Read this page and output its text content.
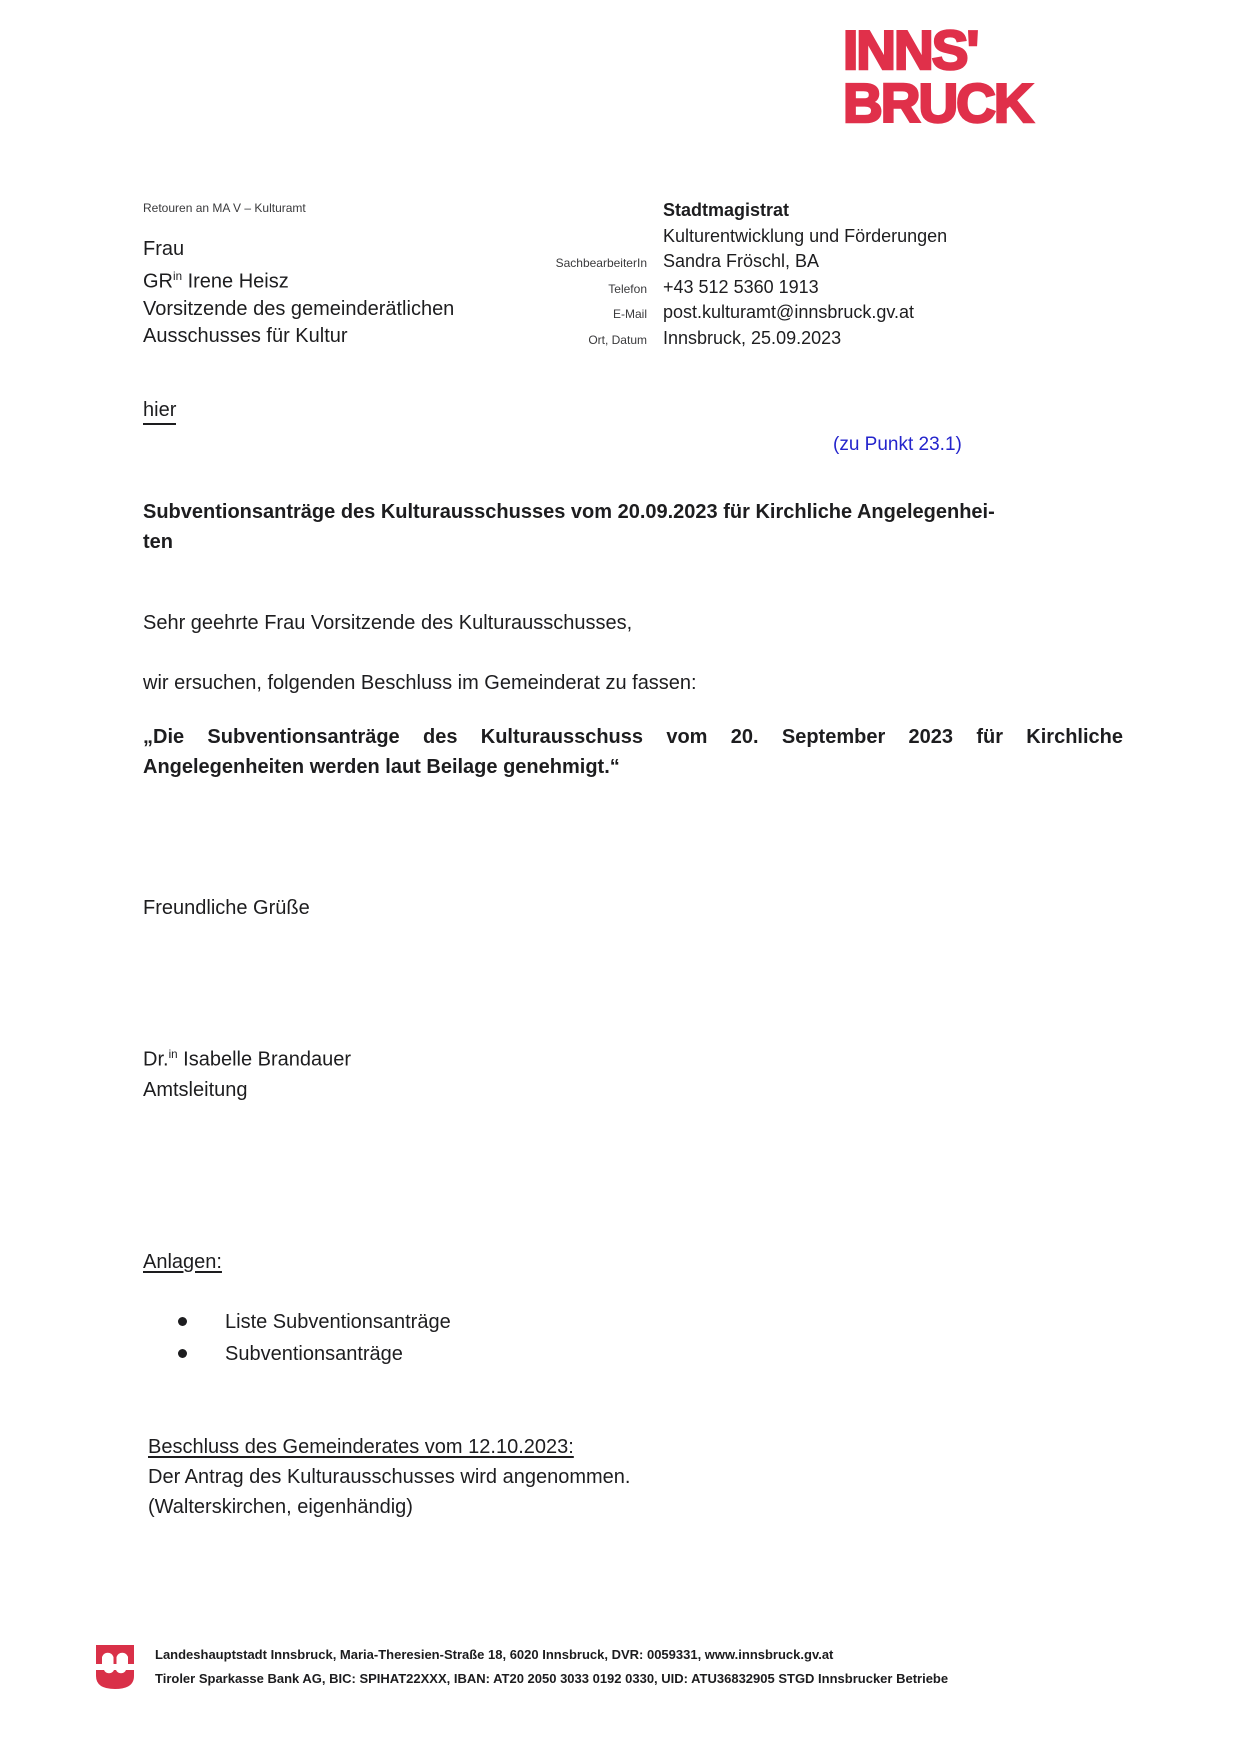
INNS'
BRUCK
Retouren an MA V – Kulturamt
Frau
$GR^{in}$ Irene Heisz
Vorsitzende des gemeinderätlichen
Ausschusses für Kultur
hier
Stadtmagistrat
Kulturentwicklung und Förderungen
SachbearbeiterIn Sandra Fröschl, BA
Telefon +43 512 5360 1913
E-Mail post.kulturamt@innsbruck.gv.at
Ort, Datum Innsbruck, 25.09.2023
(zu Punkt 23.1)
Subventionsanträge des Kulturausschusses vom 20.09.2023 für Kirchliche Angelegenhei-
ten
Sehr geehrte Frau Vorsitzende des Kulturausschusses,
wir ersuchen, folgenden Beschluss im Gemeinderat zu fassen:
„Die Subventionsanträge des Kulturausschuss vom 20. September 2023 für Kirchliche
Angelegenheiten werden laut Beilage genehmigt.“
Freundliche Grüße
Dr.$^{in}$ Isabelle Brandauer
Amtsleitung
Anlagen:
Liste Subventionsanträge
Subventionsanträge
Beschluss des Gemeinderates vom 12.10.2023:
Der Antrag des Kulturausschusses wird angenommen.
(Walterskirchen, eigenhändig)
Landeshauptstadt Innsbruck, Maria-Theresien-Straße 18, 6020 Innsbruck, DVR: 0059331, www.innsbruck.gv.at
Tiroler Sparkasse Bank AG, BIC: SPIHAT22XXX, IBAN: AT20 2050 3033 0192 0330, UID: ATU36832905 STGD Innsbrucker Betriebe
